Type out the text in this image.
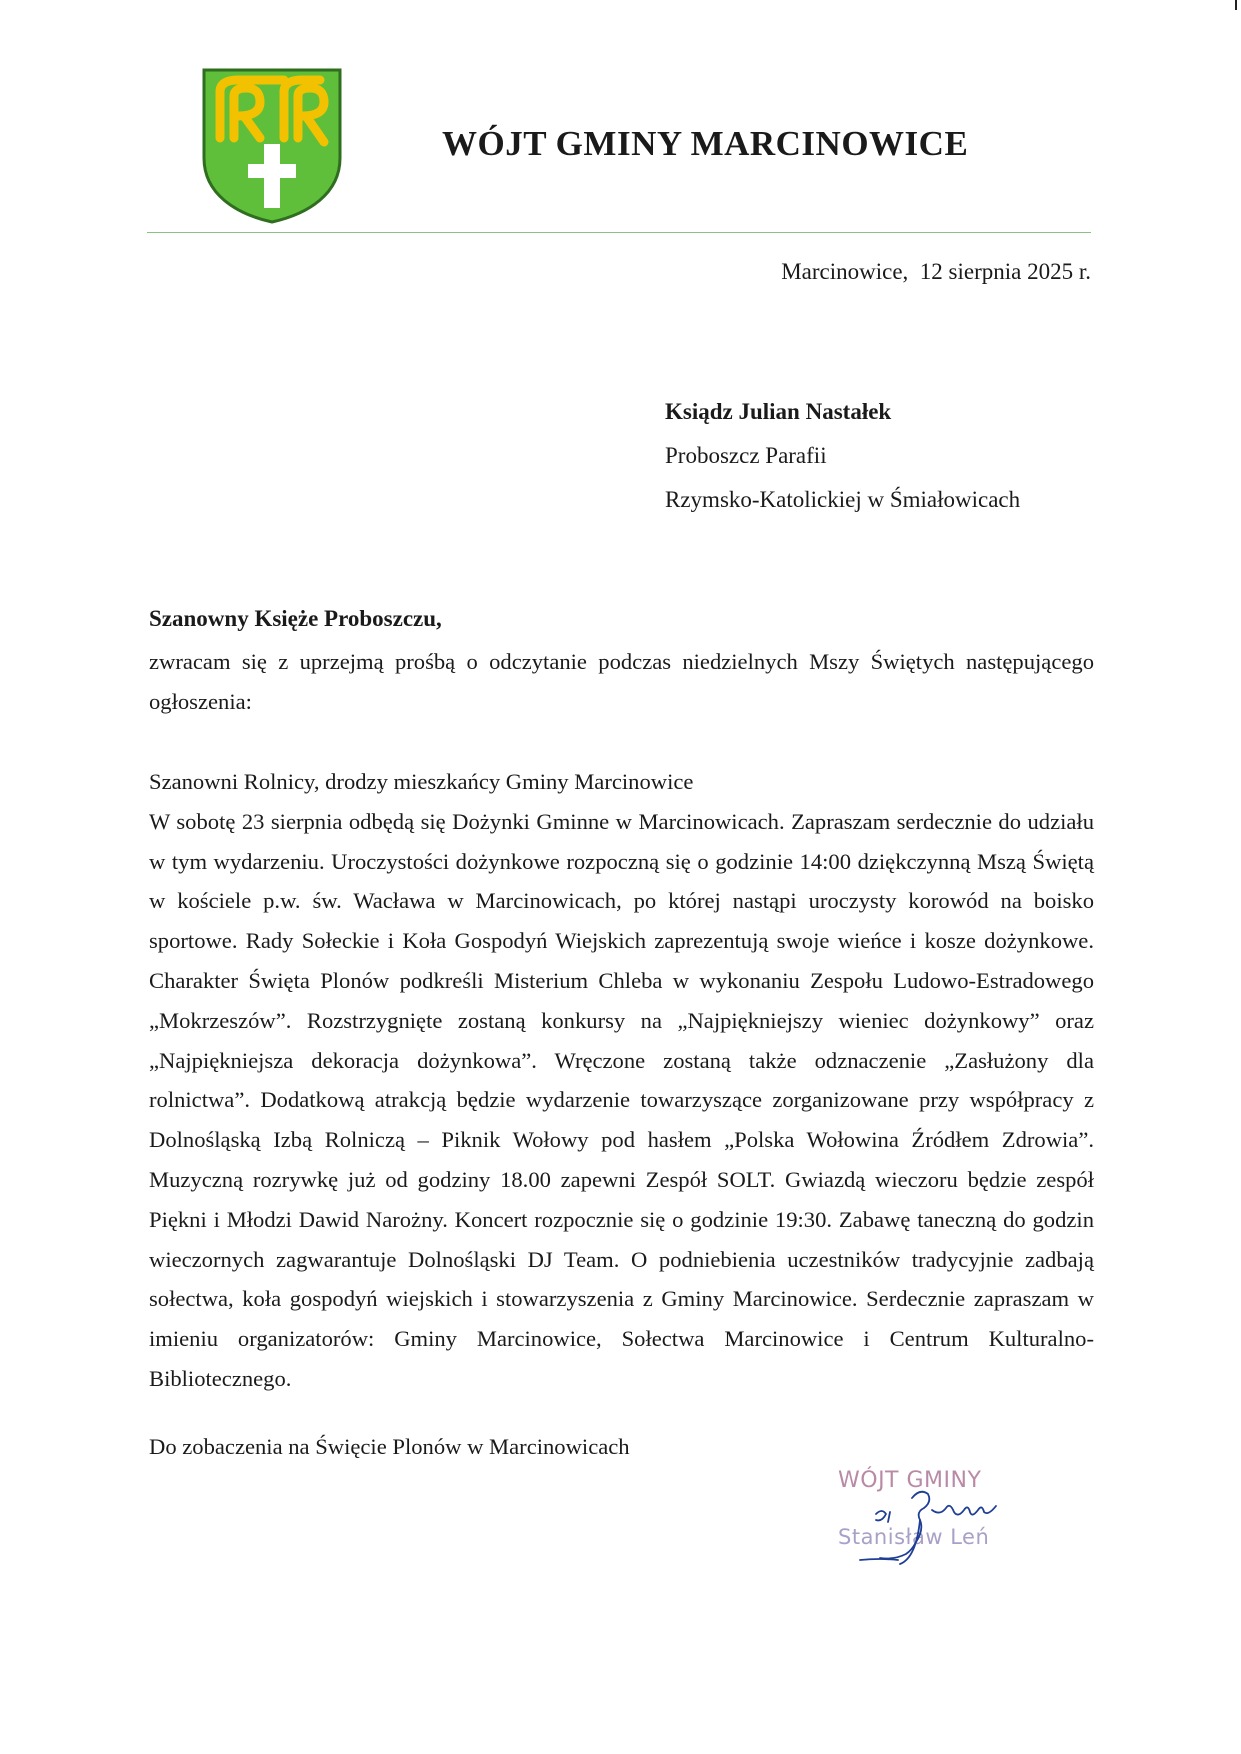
WÓJT GMINY MARCINOWICE
Marcinowice,  12 sierpnia 2025 r.
Ksiądz Julian Nastałek
Proboszcz Parafii
Rzymsko-Katolickiej w Śmiałowicach
Szanowny Księże Proboszczu,
zwracam się z uprzejmą prośbą o odczytanie podczas niedzielnych Mszy Świętych następującego ogłoszenia:
Szanowni Rolnicy, drodzy mieszkańcy Gminy Marcinowice
W sobotę 23 sierpnia odbędą się Dożynki Gminne w Marcinowicach. Zapraszam serdecznie do udziału w tym wydarzeniu. Uroczystości dożynkowe rozpoczną się o godzinie 14:00 dziękczynną Mszą Świętą w kościele p.w. św. Wacława w Marcinowicach, po której nastąpi uroczysty korowód na boisko sportowe. Rady Sołeckie i Koła Gospodyń Wiejskich zaprezentują swoje wieńce i kosze dożynkowe. Charakter Święta Plonów podkreśli Misterium Chleba w wykonaniu Zespołu Ludowo-Estradowego „Mokrzeszów”. Rozstrzygnięte zostaną konkursy na „Najpiękniejszy wieniec dożynkowy” oraz „Najpiękniejsza dekoracja dożynkowa”. Wręczone zostaną także odznaczenie „Zasłużony dla rolnictwa”. Dodatkową atrakcją będzie wydarzenie towarzyszące zorganizowane przy współpracy z Dolnośląską Izbą Rolniczą – Piknik Wołowy pod hasłem „Polska Wołowina Źródłem Zdrowia”. Muzyczną rozrywkę już od godziny 18.00 zapewni Zespół SOLT. Gwiazdą wieczoru będzie zespół Piękni i Młodzi Dawid Narożny. Koncert rozpocznie się o godzinie 19:30. Zabawę taneczną do godzin wieczornych zagwarantuje Dolnośląski DJ Team. O podniebienia uczestników tradycyjnie zadbają sołectwa, koła gospodyń wiejskich i stowarzyszenia z Gminy Marcinowice. Serdecznie zapraszam w imieniu organizatorów: Gminy Marcinowice, Sołectwa Marcinowice i Centrum Kulturalno-Bibliotecznego.
Do zobaczenia na Święcie Plonów w Marcinowicach
WÓJT GMINY
Stanisław Leń
